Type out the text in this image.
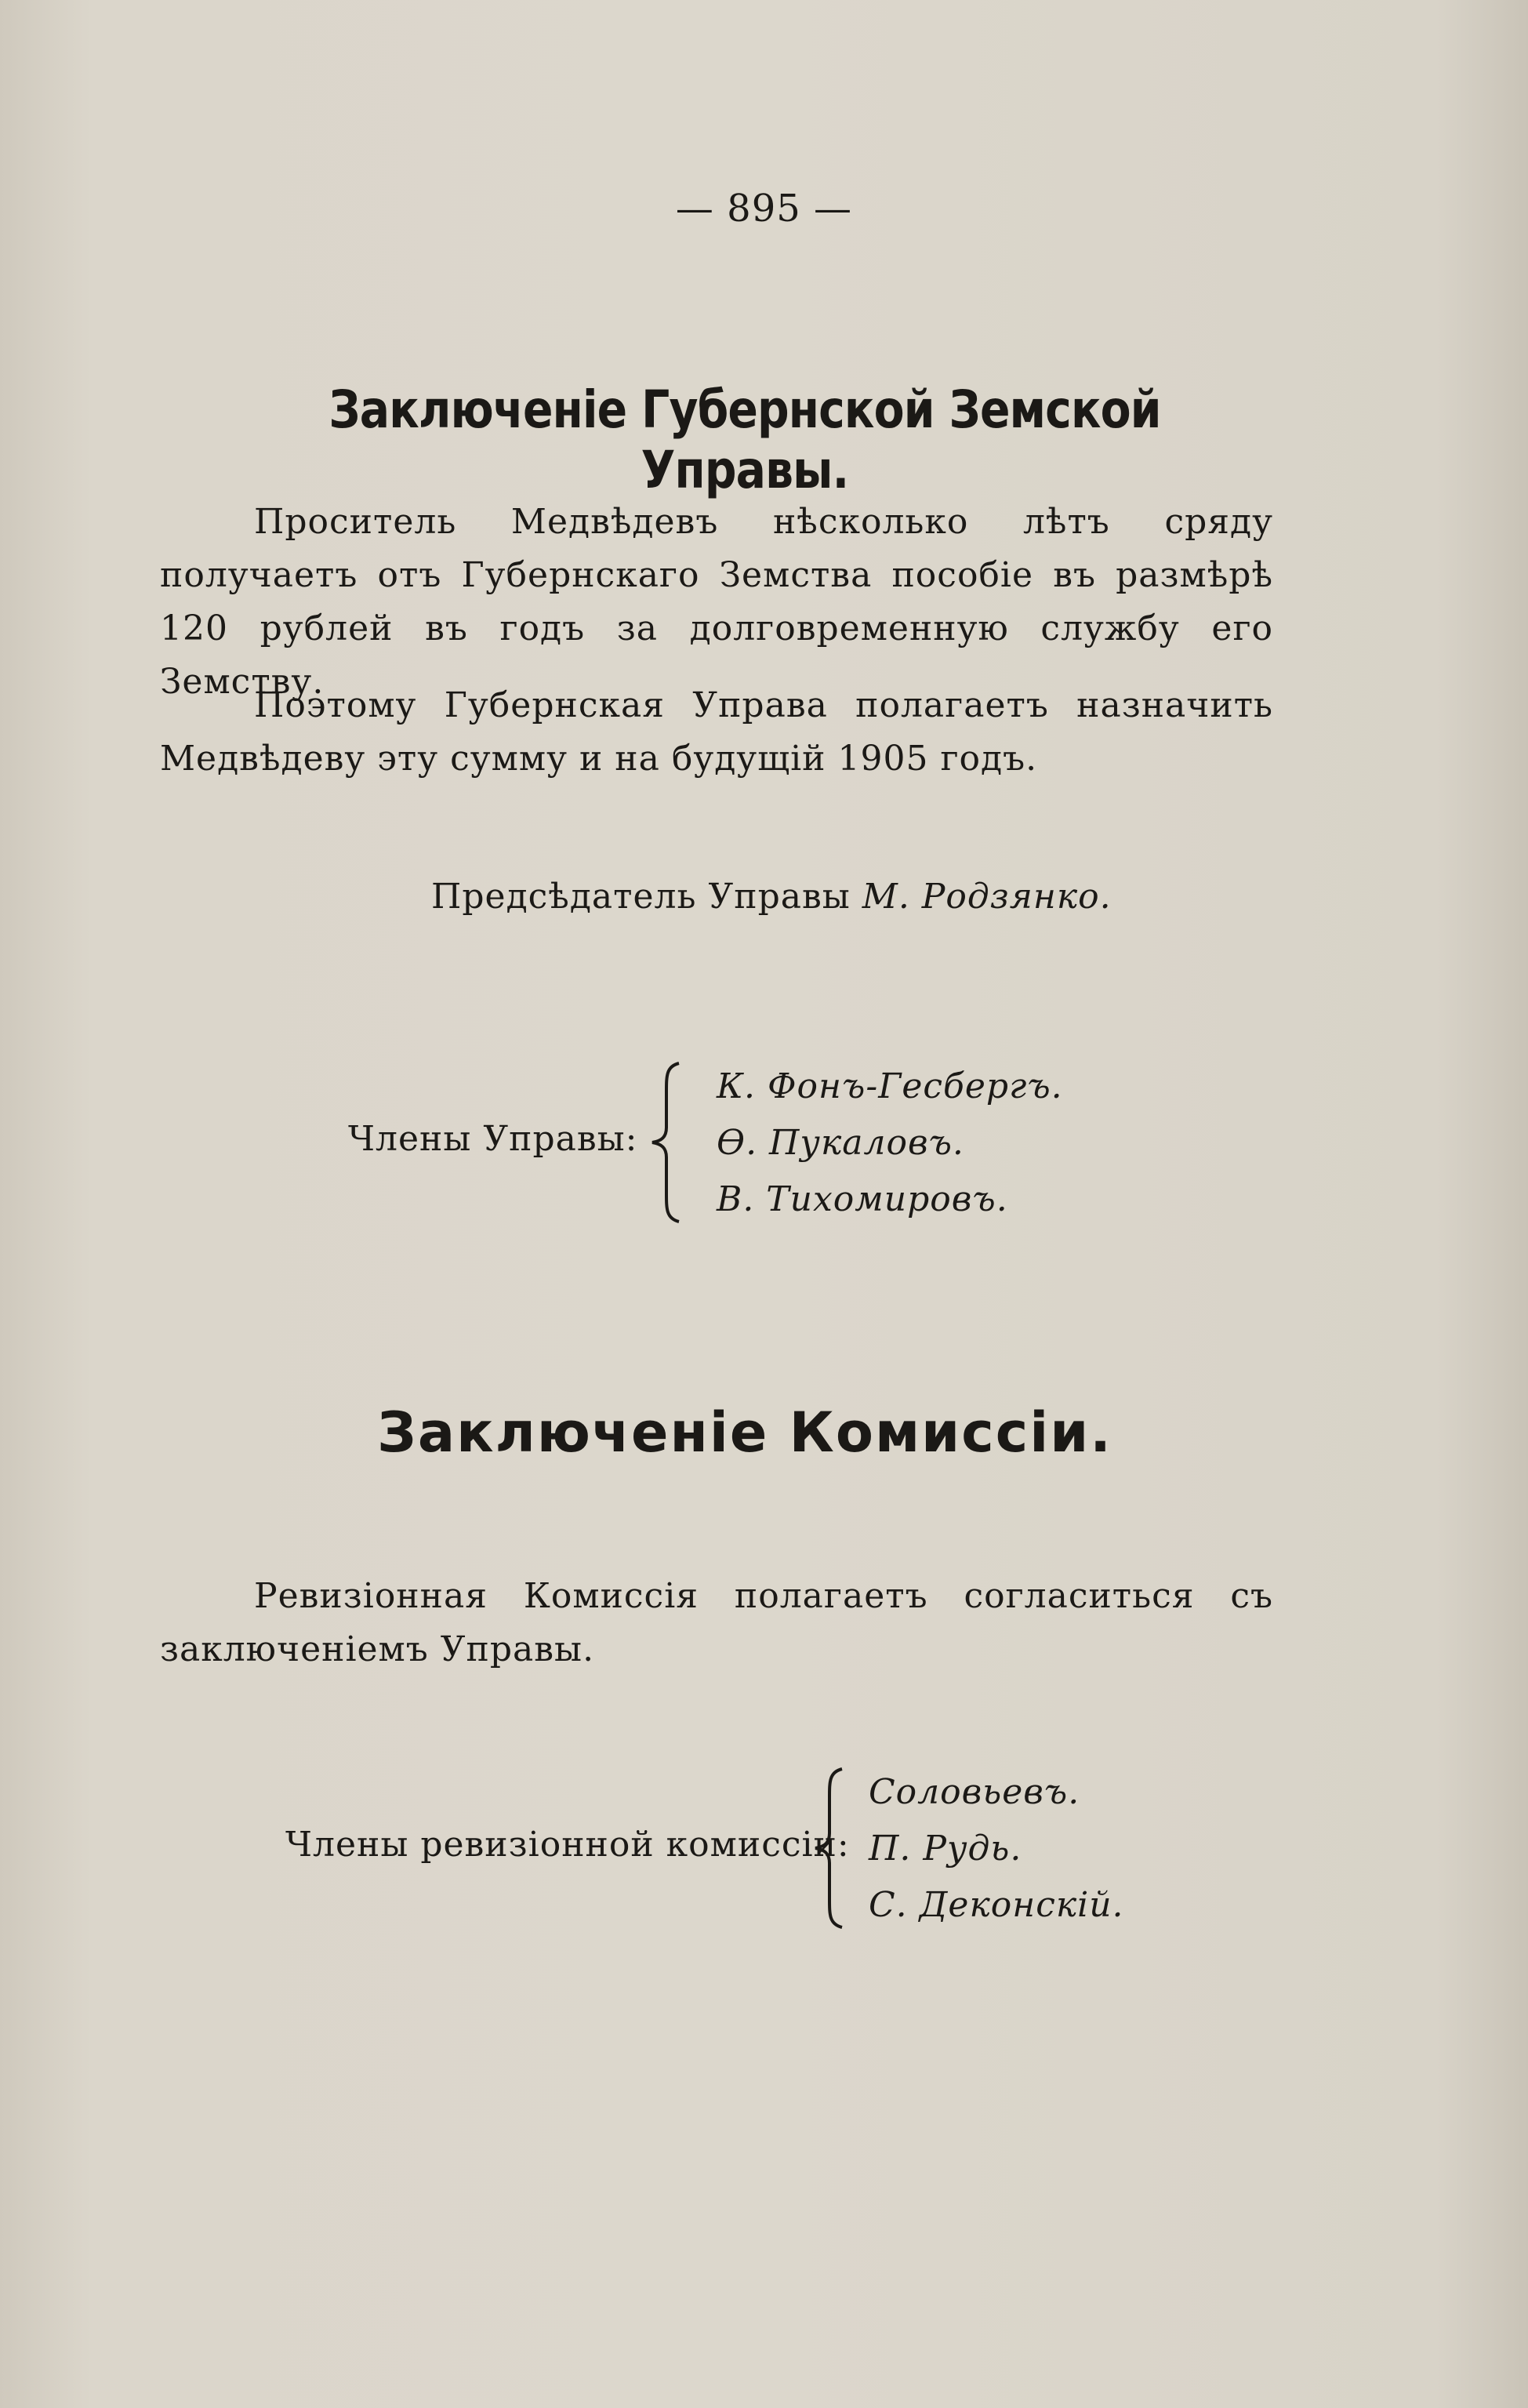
— 895 —
Заключеніе Губернской Земской Управы.
Проситель Медвѣдевъ нѣсколько лѣтъ сряду получаетъ отъ Губернскаго Земства пособіе въ размѣрѣ 120 рублей въ годъ за долговременную службу его Земству.
Поэтому Губернская Управа полагаетъ назначить Медвѣдеву эту сумму и на будущій 1905 годъ.
Предсѣдатель Управы М. Родзянко.
Члены Управы:
К. Фонъ-Гесбергъ.
Ѳ. Пукаловъ.
В. Тихомировъ.
Заключеніе Комиссіи.
Ревизіонная Комиссія полагаетъ согласиться съ заключеніемъ Управы.
Члены ревизіонной комиссіи:
Соловьевъ.
П. Рудь.
С. Деконскій.
